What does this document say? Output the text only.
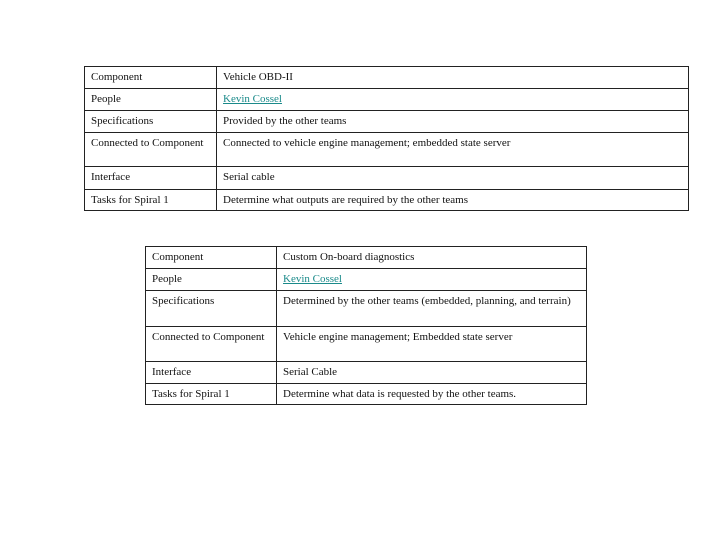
Component	Vehicle OBD-II
People	Kevin Cossel
Specifications	Provided by the other teams
Connected to Component	Connected to vehicle engine management; embedded state server
Interface	Serial cable
Tasks for Spiral 1	Determine what outputs are required by the other teams
Component	Custom On-board diagnostics
People	Kevin Cossel
Specifications	Determined by the other teams (embedded, planning, and terrain)
Connected to Component	Vehicle engine management; Embedded state server
Interface	Serial Cable
Tasks for Spiral 1	Determine what data is requested by the other teams.
